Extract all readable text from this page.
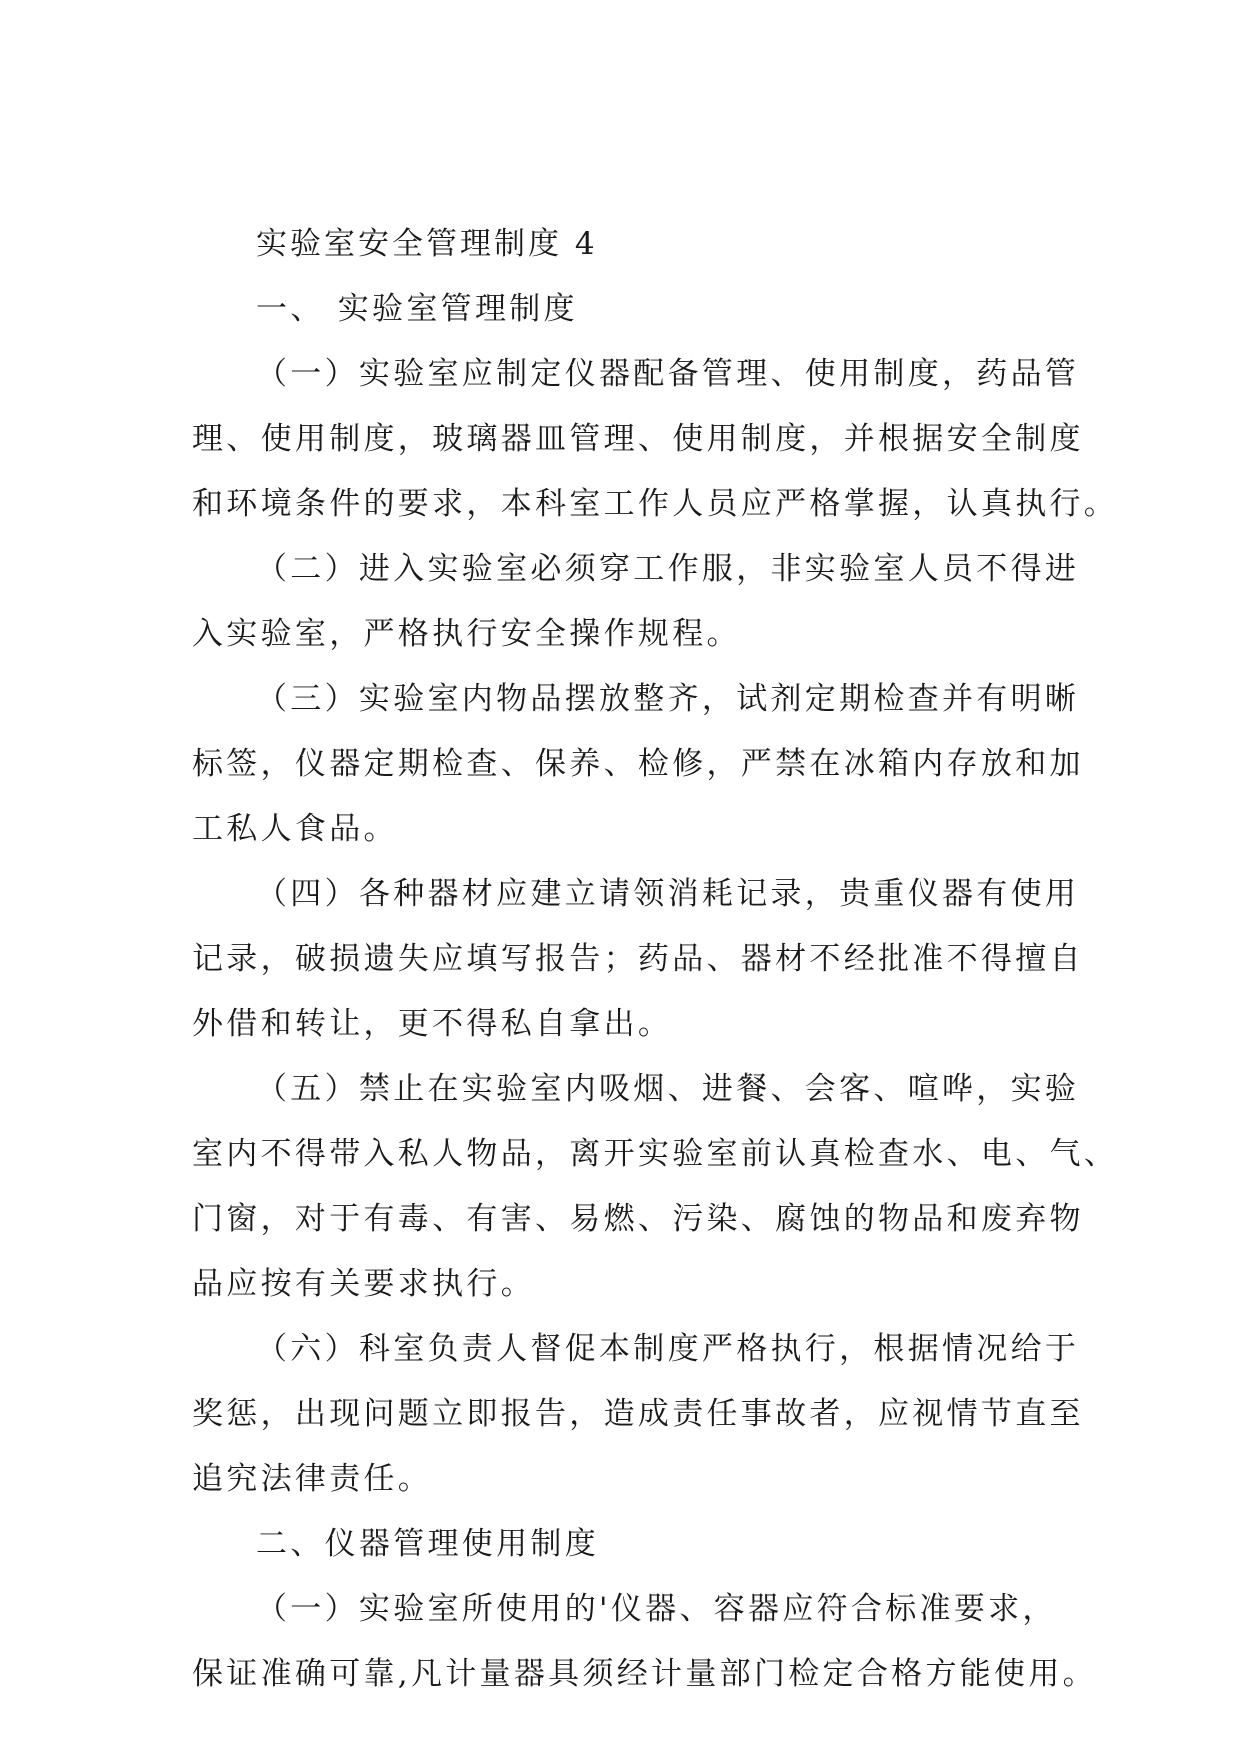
实验室安全管理制度 4
一、 实验室管理制度
（一）实验室应制定仪器配备管理、使用制度，药品管
理、使用制度，玻璃器皿管理、使用制度，并根据安全制度
和环境条件的要求，本科室工作人员应严格掌握，认真执行。
（二）进入实验室必须穿工作服，非实验室人员不得进
入实验室，严格执行安全操作规程。
（三）实验室内物品摆放整齐，试剂定期检查并有明晰
标签，仪器定期检查、保养、检修，严禁在冰箱内存放和加
工私人食品。
（四）各种器材应建立请领消耗记录，贵重仪器有使用
记录，破损遗失应填写报告；药品、器材不经批准不得擅自
外借和转让，更不得私自拿出。
（五）禁止在实验室内吸烟、进餐、会客、喧哗，实验
室内不得带入私人物品，离开实验室前认真检查水、电、气、
门窗，对于有毒、有害、易燃、污染、腐蚀的物品和废弃物
品应按有关要求执行。
（六）科室负责人督促本制度严格执行，根据情况给于
奖惩，出现问题立即报告，造成责任事故者，应视情节直至
追究法律责任。
二、仪器管理使用制度
（一）实验室所使用的'仪器、容器应符合标准要求，
保证准确可靠,凡计量器具须经计量部门检定合格方能使用。
